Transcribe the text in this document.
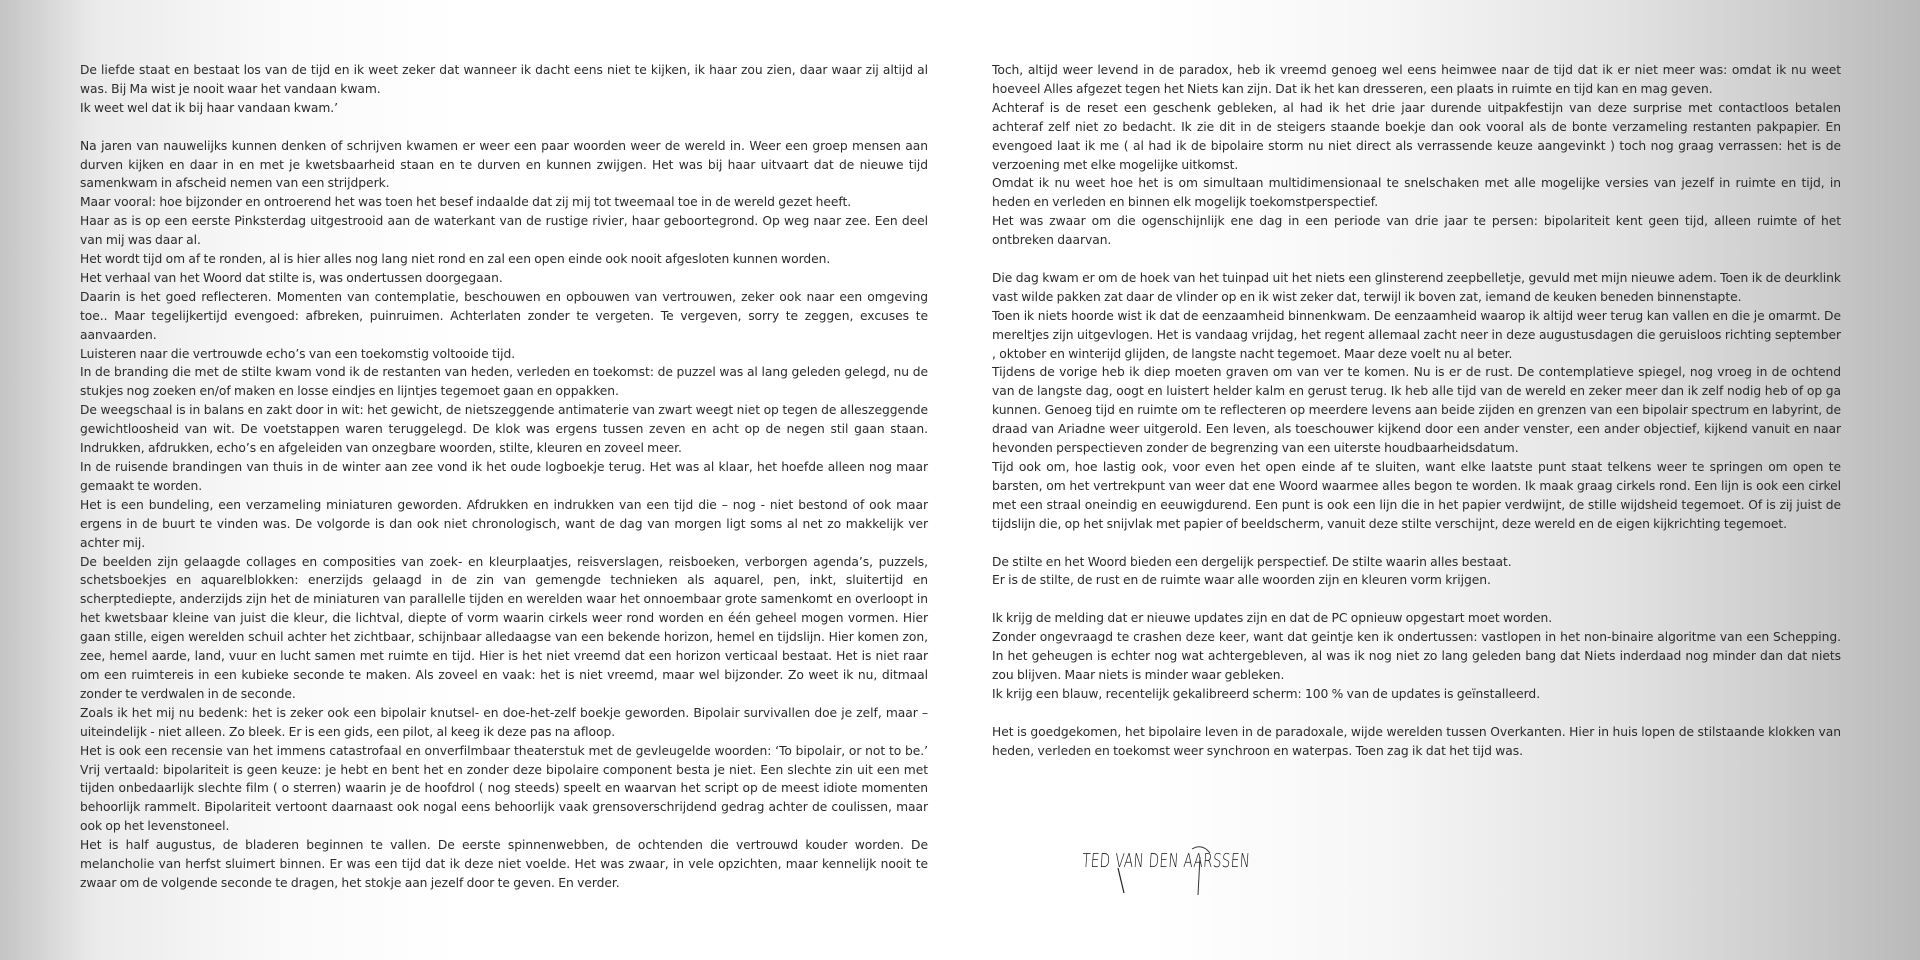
De liefde staat en bestaat los van de tijd en ik weet zeker dat wanneer ik dacht eens niet te kijken, ik haar zou zien, daar waar zij altijd al was. Bij Ma wist je nooit waar het vandaan kwam.

Ik weet wel dat ik bij haar vandaan kwam.’

Na jaren van nauwelijks kunnen denken of schrijven kwamen er weer een paar woorden weer de wereld in. Weer een groep mensen aan durven kijken en daar in en met je kwetsbaarheid staan en te durven en kunnen zwijgen. Het was bij haar uitvaart dat de nieuwe tijd samenkwam in afscheid nemen van een strijdperk.

Maar vooral: hoe bijzonder en ontroerend het was toen het besef indaalde dat zij mij tot tweemaal toe in de wereld gezet heeft.

Haar as is op een eerste Pinksterdag uitgestrooid aan de waterkant van de rustige rivier, haar geboortegrond. Op weg naar zee. Een deel van mij was daar al.

Het wordt tijd om af te ronden, al is hier alles nog lang niet rond en zal een open einde ook nooit afgesloten kunnen worden.

Het verhaal van het Woord dat stilte is, was ondertussen doorgegaan.

Daarin is het goed reflecteren. Momenten van contemplatie, beschouwen en opbouwen van vertrouwen, zeker ook naar een omgeving toe.. Maar tegelijkertijd evengoed: afbreken, puinruimen. Achterlaten zonder te vergeten. Te vergeven, sorry te zeggen, excuses te aanvaarden.

Luisteren naar die vertrouwde echo’s van een toekomstig voltooide tijd.

In de branding die met de stilte kwam vond ik de restanten van heden, verleden en toekomst: de puzzel was al lang geleden gelegd, nu de stukjes nog zoeken en/of maken en losse eindjes en lijntjes tegemoet gaan en oppakken.

De weegschaal is in balans en zakt door in wit: het gewicht, de nietszeggende antimaterie van zwart weegt niet op tegen de alleszeggende gewichtloosheid van wit. De voetstappen waren teruggelegd. De klok was ergens tussen zeven en acht op de negen stil gaan staan. Indrukken, afdrukken, echo’s en afgeleiden van onzegbare woorden, stilte, kleuren en zoveel meer.

In de ruisende brandingen van thuis in de winter aan zee vond ik het oude logboekje terug. Het was al klaar, het hoefde alleen nog maar gemaakt te worden.

Het is een bundeling, een verzameling miniaturen geworden. Afdrukken en indrukken van een tijd die – nog - niet bestond of ook maar ergens in de buurt te vinden was. De volgorde is dan ook niet chronologisch, want de dag van morgen ligt soms al net zo makkelijk ver achter mij.

De beelden zijn gelaagde collages en composities van zoek- en kleurplaatjes, reisverslagen, reisboeken, verborgen agenda’s, puzzels, schetsboekjes en aquarelblokken: enerzijds gelaagd in de zin van gemengde technieken als aquarel, pen, inkt, sluitertijd en scherptediepte, anderzijds zijn het de miniaturen van parallelle tijden en werelden waar het onnoembaar grote samenkomt en overloopt in het kwetsbaar kleine van juist die kleur, die lichtval, diepte of vorm waarin cirkels weer rond worden en één geheel mogen vormen. Hier gaan stille, eigen werelden schuil achter het zichtbaar, schijnbaar alledaagse van een bekende horizon, hemel en tijdslijn. Hier komen zon, zee, hemel aarde, land, vuur en lucht samen met ruimte en tijd. Hier is het niet vreemd dat een horizon verticaal bestaat. Het is niet raar om een ruimtereis in een kubieke seconde te maken. Als zoveel en vaak: het is niet vreemd, maar wel bijzonder. Zo weet ik nu, ditmaal zonder te verdwalen in de seconde.

Zoals ik het mij nu bedenk: het is zeker ook een bipolair knutsel- en doe-het-zelf boekje geworden. Bipolair survivallen doe je zelf, maar – uiteindelijk - niet alleen. Zo bleek. Er is een gids, een pilot, al keeg ik deze pas na afloop.

Het is ook een recensie van het immens catastrofaal en onverfilmbaar theaterstuk met de gevleugelde woorden: ‘To bipolair, or not to be.’ Vrij vertaald: bipolariteit is geen keuze: je hebt en bent het en zonder deze bipolaire component besta je niet. Een slechte zin uit een met tijden onbedaarlijk slechte film ( o sterren) waarin je de hoofdrol ( nog steeds) speelt en waarvan het script op de meest idiote momenten behoorlijk rammelt. Bipolariteit vertoont daarnaast ook nogal eens behoorlijk vaak grensoverschrijdend gedrag achter de coulissen, maar ook op het levenstoneel.

Het is half augustus, de bladeren beginnen te vallen. De eerste spinnenwebben, de ochtenden die vertrouwd kouder worden. De melancholie van herfst sluimert binnen. Er was een tijd dat ik deze niet voelde. Het was zwaar, in vele opzichten, maar kennelijk nooit te zwaar om de volgende seconde te dragen, het stokje aan jezelf door te geven. En verder.

Toch, altijd weer levend in de paradox, heb ik vreemd genoeg wel eens heimwee naar de tijd dat ik er niet meer was: omdat ik nu weet hoeveel Alles afgezet tegen het Niets kan zijn. Dat ik het kan dresseren, een plaats in ruimte en tijd kan en mag geven.

Achteraf is de reset een geschenk gebleken, al had ik het drie jaar durende uitpakfestijn van deze surprise met contactloos betalen achteraf zelf niet zo bedacht. Ik zie dit in de steigers staande boekje dan ook vooral als de bonte verzameling restanten pakpapier. En evengoed laat ik me ( al had ik de bipolaire storm nu niet direct als verrassende keuze aangevinkt ) toch nog graag verrassen: het is de verzoening met elke mogelijke uitkomst.

Omdat ik nu weet hoe het is om simultaan multidimensionaal te snelschaken met alle mogelijke versies van jezelf in ruimte en tijd, in heden en verleden en binnen elk mogelijk toekomstperspectief.

Het was zwaar om die ogenschijnlijk ene dag in een periode van drie jaar te persen: bipolariteit kent geen tijd, alleen ruimte of het ontbreken daarvan.

Die dag kwam er om de hoek van het tuinpad uit het niets een glinsterend zeepbelletje, gevuld met mijn nieuwe adem. Toen ik de deurklink vast wilde pakken zat daar de vlinder op en ik wist zeker dat, terwijl ik boven zat, iemand de keuken beneden binnenstapte.

Toen ik niets hoorde wist ik dat de eenzaamheid binnenkwam. De eenzaamheid waarop ik altijd weer terug kan vallen en die je omarmt. De mereltjes zijn uitgevlogen. Het is vandaag vrijdag, het regent allemaal zacht neer in deze augustusdagen die geruisloos richting september , oktober en winterijd glijden, de langste nacht tegemoet. Maar deze voelt nu al beter.

Tijdens de vorige heb ik diep moeten graven om van ver te komen. Nu is er de rust. De contemplatieve spiegel, nog vroeg in de ochtend van de langste dag, oogt en luistert helder kalm en gerust terug. Ik heb alle tijd van de wereld en zeker meer dan ik zelf nodig heb of op ga kunnen. Genoeg tijd en ruimte om te reflecteren op meerdere levens aan beide zijden en grenzen van een bipolair spectrum en labyrint, de draad van Ariadne weer uitgerold. Een leven, als toeschouwer kijkend door een ander venster, een ander objectief, kijkend vanuit en naar hevonden perspectieven zonder de begrenzing van een uiterste houdbaarheidsdatum.

Tijd ook om, hoe lastig ook, voor even het open einde af te sluiten, want elke laatste punt staat telkens weer te springen om open te barsten, om het vertrekpunt van weer dat ene Woord waarmee alles begon te worden. Ik maak graag cirkels rond. Een lijn is ook een cirkel met een straal oneindig en eeuwigdurend. Een punt is ook een lijn die in het papier verdwijnt, de stille wijdsheid tegemoet. Of is zij juist de tijdslijn die, op het snijvlak met papier of beeldscherm, vanuit deze stilte verschijnt, deze wereld en de eigen kijkrichting tegemoet.

De stilte en het Woord bieden een dergelijk perspectief. De stilte waarin alles bestaat.

Er is de stilte, de rust en de ruimte waar alle woorden zijn en kleuren vorm krijgen.

Ik krijg de melding dat er nieuwe updates zijn en dat de PC opnieuw opgestart moet worden.

Zonder ongevraagd te crashen deze keer, want dat geintje ken ik ondertussen: vastlopen in het non-binaire algoritme van een Schepping. In het geheugen is echter nog wat achtergebleven, al was ik nog niet zo lang geleden bang dat Niets inderdaad nog minder dan dat niets zou blijven. Maar niets is minder waar gebleken.

Ik krijg een blauw, recentelijk gekalibreerd scherm: 100 % van de updates is geïnstalleerd.

Het is goedgekomen, het bipolaire leven in de paradoxale, wijde werelden tussen Overkanten. Hier in huis lopen de stilstaande klokken van heden, verleden en toekomst weer synchroon en waterpas. Toen zag ik dat het tijd was.

TED VAN DEN AARSSEN
